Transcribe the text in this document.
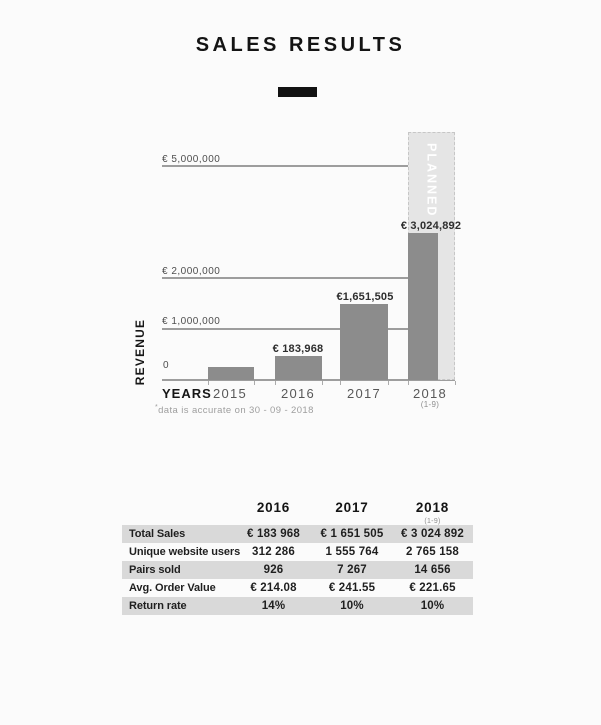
SALES RESULTS
€ 5,000,000
€ 2,000,000
€ 1,000,000
0
PLANNED
€ 183,968
€1,651,505
€ 3,024,892
REVENUE
YEARS 2015	2016 2017 2018
(1-9)
*data is accurate on 30 - 09 - 2018
2016	2017	2018
(1-9)
Total Sales	€ 183 968	€ 1 651 505	€ 3 024 892
Unique website users	312 286	1 555 764	2 765 158
Pairs sold	926	7 267	14 656
Avg. Order Value	€ 214.08	€ 241.55	€ 221.65
Return rate	14%	10%	10%
